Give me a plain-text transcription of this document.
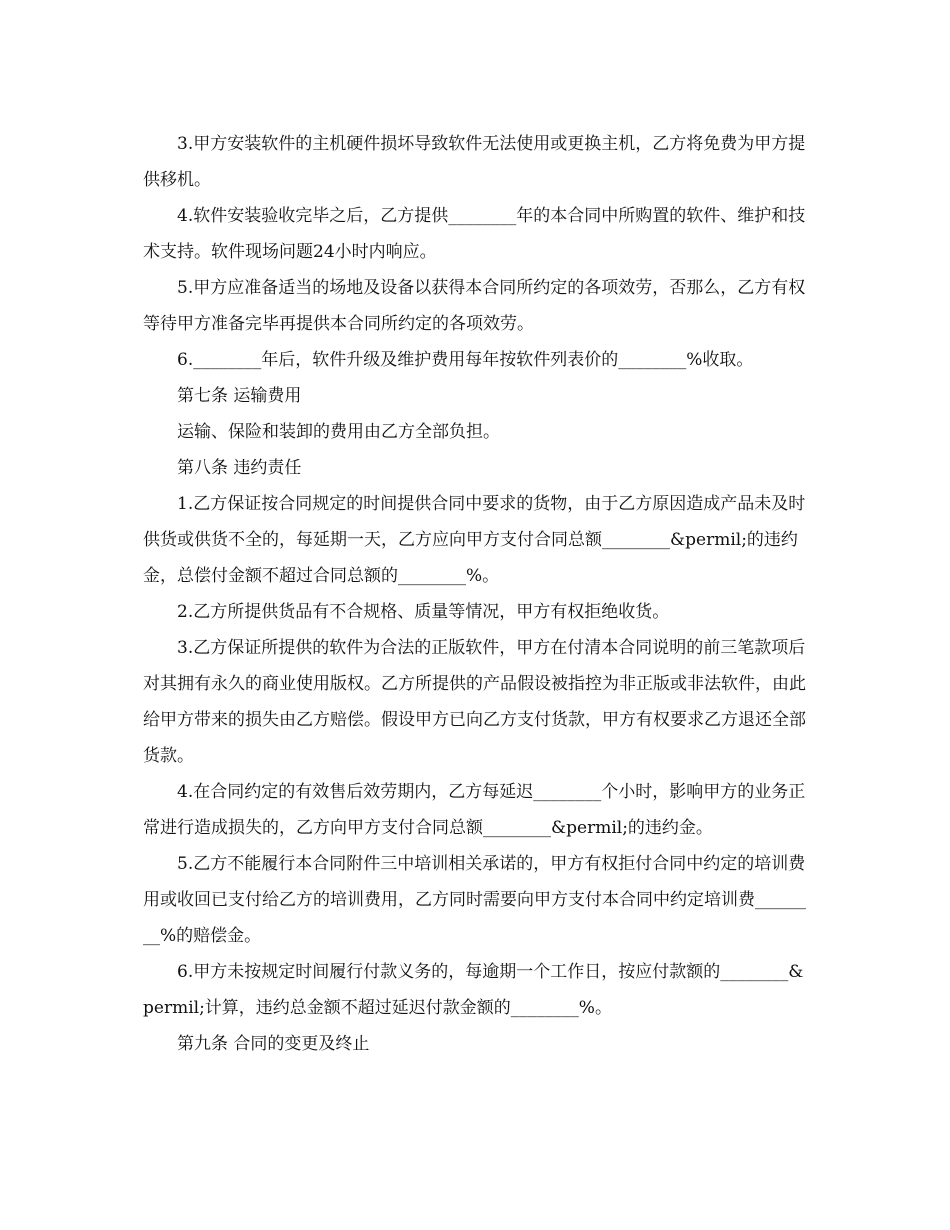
3.甲方安装软件的主机硬件损坏导致软件无法使用或更换主机，乙方将免费为甲方提供移机。

4.软件安装验收完毕之后，乙方提供________年的本合同中所购置的软件、维护和技术支持。软件现场问题24小时内响应。

5.甲方应准备适当的场地及设备以获得本合同所约定的各项效劳，否那么，乙方有权等待甲方准备完毕再提供本合同所约定的各项效劳。

6.________年后，软件升级及维护费用每年按软件列表价的________%收取。

第七条 运输费用

运输、保险和装卸的费用由乙方全部负担。

第八条 违约责任

1.乙方保证按合同规定的时间提供合同中要求的货物，由于乙方原因造成产品未及时供货或供货不全的，每延期一天，乙方应向甲方支付合同总额________&permil;的违约金，总偿付金额不超过合同总额的________%。

2.乙方所提供货品有不合规格、质量等情况，甲方有权拒绝收货。

3.乙方保证所提供的软件为合法的正版软件，甲方在付清本合同说明的前三笔款项后对其拥有永久的商业使用版权。乙方所提供的产品假设被指控为非正版或非法软件，由此给甲方带来的损失由乙方赔偿。假设甲方已向乙方支付货款，甲方有权要求乙方退还全部货款。

4.在合同约定的有效售后效劳期内，乙方每延迟________个小时，影响甲方的业务正常进行造成损失的，乙方向甲方支付合同总额________&permil;的违约金。

5.乙方不能履行本合同附件三中培训相关承诺的，甲方有权拒付合同中约定的培训费用或收回已支付给乙方的培训费用，乙方同时需要向甲方支付本合同中约定培训费________%的赔偿金。

6.甲方未按规定时间履行付款义务的，每逾期一个工作日，按应付款额的________&permil;计算，违约总金额不超过延迟付款金额的________%。

第九条 合同的变更及终止
